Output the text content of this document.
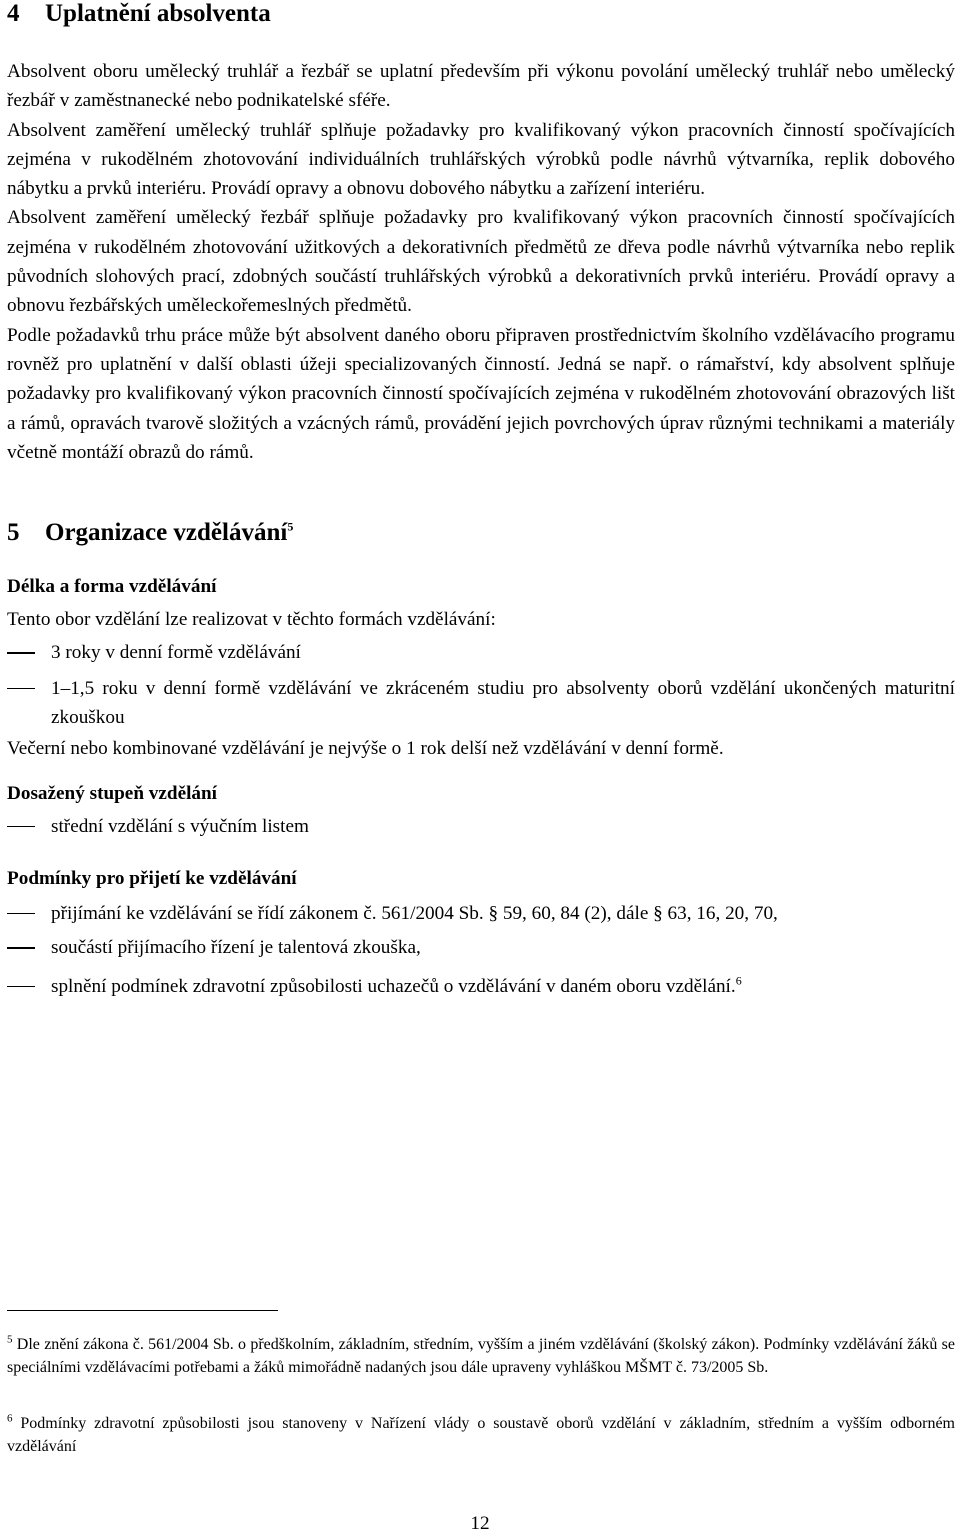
4 Uplatnění absolventa

Absolvent oboru umělecký truhlář a řezbář se uplatní především při výkonu povolání umělecký truhlář nebo umělecký řezbář v zaměstnanecké nebo podnikatelské sféře.

Absolvent zaměření umělecký truhlář splňuje požadavky pro kvalifikovaný výkon pracovních činností spočívajících zejména v rukodělném zhotovování individuálních truhlářských výrobků podle návrhů výtvarníka, replik dobového nábytku a prvků interiéru. Provádí opravy a obnovu dobového nábytku a zařízení interiéru.

Absolvent zaměření umělecký řezbář splňuje požadavky pro kvalifikovaný výkon pracovních činností spočívajících zejména v rukodělném zhotovování užitkových a dekorativních předmětů ze dřeva podle návrhů výtvarníka nebo replik původních slohových prací, zdobných součástí truhlářských výrobků a dekorativních prvků interiéru. Provádí opravy a obnovu řezbářských uměleckořemeslných předmětů.

Podle požadavků trhu práce může být absolvent daného oboru připraven prostřednictvím školního vzdělávacího programu rovněž pro uplatnění v další oblasti úžeji specializovaných činností. Jedná se např. o rámařství, kdy absolvent splňuje požadavky pro kvalifikovaný výkon pracovních činností spočívajících zejména v rukodělném zhotovování obrazových lišt a rámů, opravách tvarově složitých a vzácných rámů, provádění jejich povrchových úprav různými technikami a materiály včetně montáží obrazů do rámů.

5 Organizace vzdělávání$^5$
Délka a forma vzdělávání

Tento obor vzdělání lze realizovat v těchto formách vzdělávání:

3 roky v denní formě vzdělávání
1–1,5 roku v denní formě vzdělávání ve zkráceném studiu pro absolventy oborů vzdělání ukončených maturitní zkouškou

Večerní nebo kombinované vzdělávání je nejvýše o 1 rok delší než vzdělávání v denní formě.

Dosažený stupeň vzdělání
střední vzdělání s výučním listem
Podmínky pro přijetí ke vzdělávání
přijímání ke vzdělávání se řídí zákonem č. 561/2004 Sb. § 59, 60, 84 (2), dále § 63, 16, 20, 70,
součástí přijímacího řízení je talentová zkouška,
splnění podmínek zdravotní způsobilosti uchazečů o vzdělávání v daném oboru vzdělání.$^6$
$^5$ Dle znění zákona č. 561/2004 Sb. o předškolním, základním, středním, vyšším a jiném vzdělávání (školský zákon). Podmínky vzdělávání žáků se speciálními vzdělávacími potřebami a žáků mimořádně nadaných jsou dále upraveny vyhláškou MŠMT č. 73/2005 Sb.
$^6$ Podmínky zdravotní způsobilosti jsou stanoveny v Nařízení vlády o soustavě oborů vzdělání v základním, středním a vyšším odborném vzdělávání
12
